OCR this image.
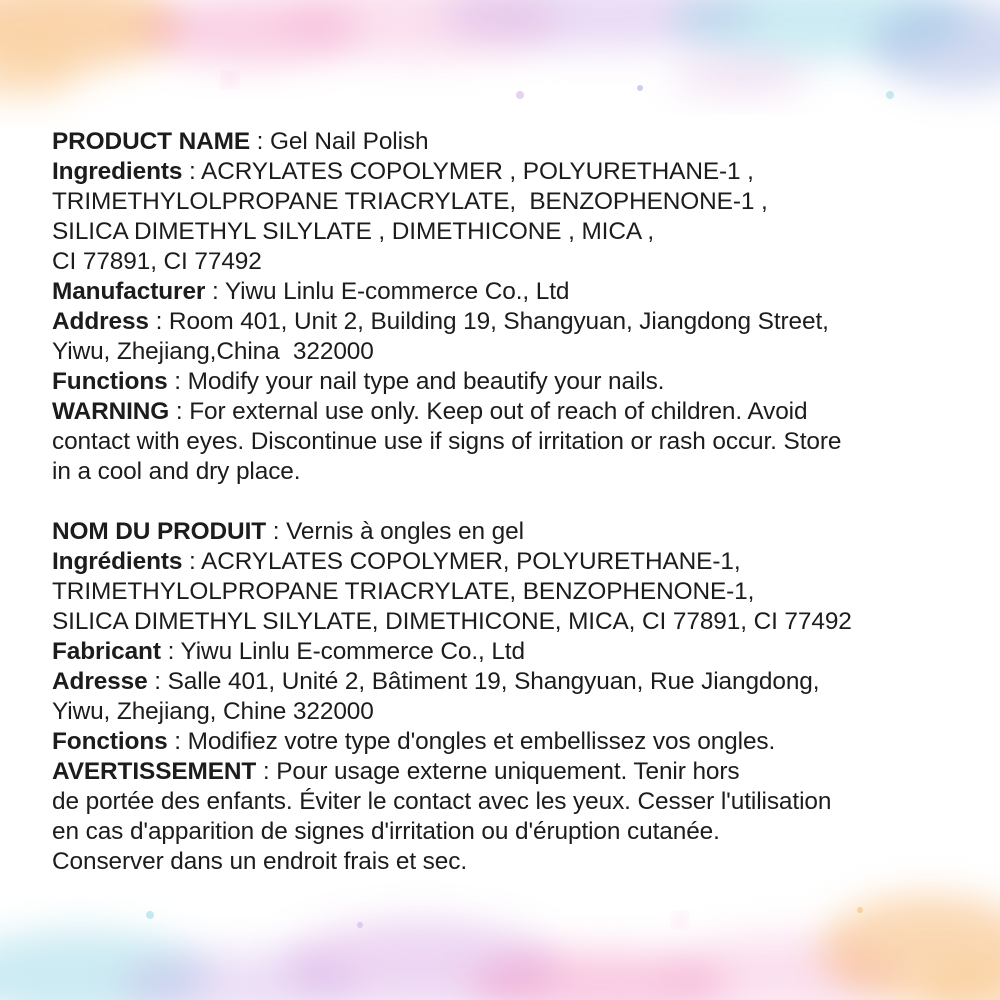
PRODUCT NAME : Gel Nail Polish
Ingredients : ACRYLATES COPOLYMER , POLYURETHANE-1 ,
TRIMETHYLOLPROPANE TRIACRYLATE,  BENZOPHENONE-1 ,
SILICA DIMETHYL SILYLATE , DIMETHICONE , MICA ,
CI 77891, CI 77492
Manufacturer : Yiwu Linlu E-commerce Co., Ltd
Address : Room 401, Unit 2, Building 19, Shangyuan, Jiangdong Street,
Yiwu, Zhejiang,China  322000
Functions : Modify your nail type and beautify your nails.
WARNING : For external use only. Keep out of reach of children. Avoid
contact with eyes. Discontinue use if signs of irritation or rash occur. Store
in a cool and dry place.
NOM DU PRODUIT : Vernis à ongles en gel
Ingrédients : ACRYLATES COPOLYMER, POLYURETHANE-1,
TRIMETHYLOLPROPANE TRIACRYLATE, BENZOPHENONE-1,
SILICA DIMETHYL SILYLATE, DIMETHICONE, MICA, CI 77891, CI 77492
Fabricant : Yiwu Linlu E-commerce Co., Ltd
Adresse : Salle 401, Unité 2, Bâtiment 19, Shangyuan, Rue Jiangdong,
Yiwu, Zhejiang, Chine 322000
Fonctions : Modifiez votre type d'ongles et embellissez vos ongles.
AVERTISSEMENT : Pour usage externe uniquement. Tenir hors
de portée des enfants. Éviter le contact avec les yeux. Cesser l'utilisation
en cas d'apparition de signes d'irritation ou d'éruption cutanée.
Conserver dans un endroit frais et sec.
